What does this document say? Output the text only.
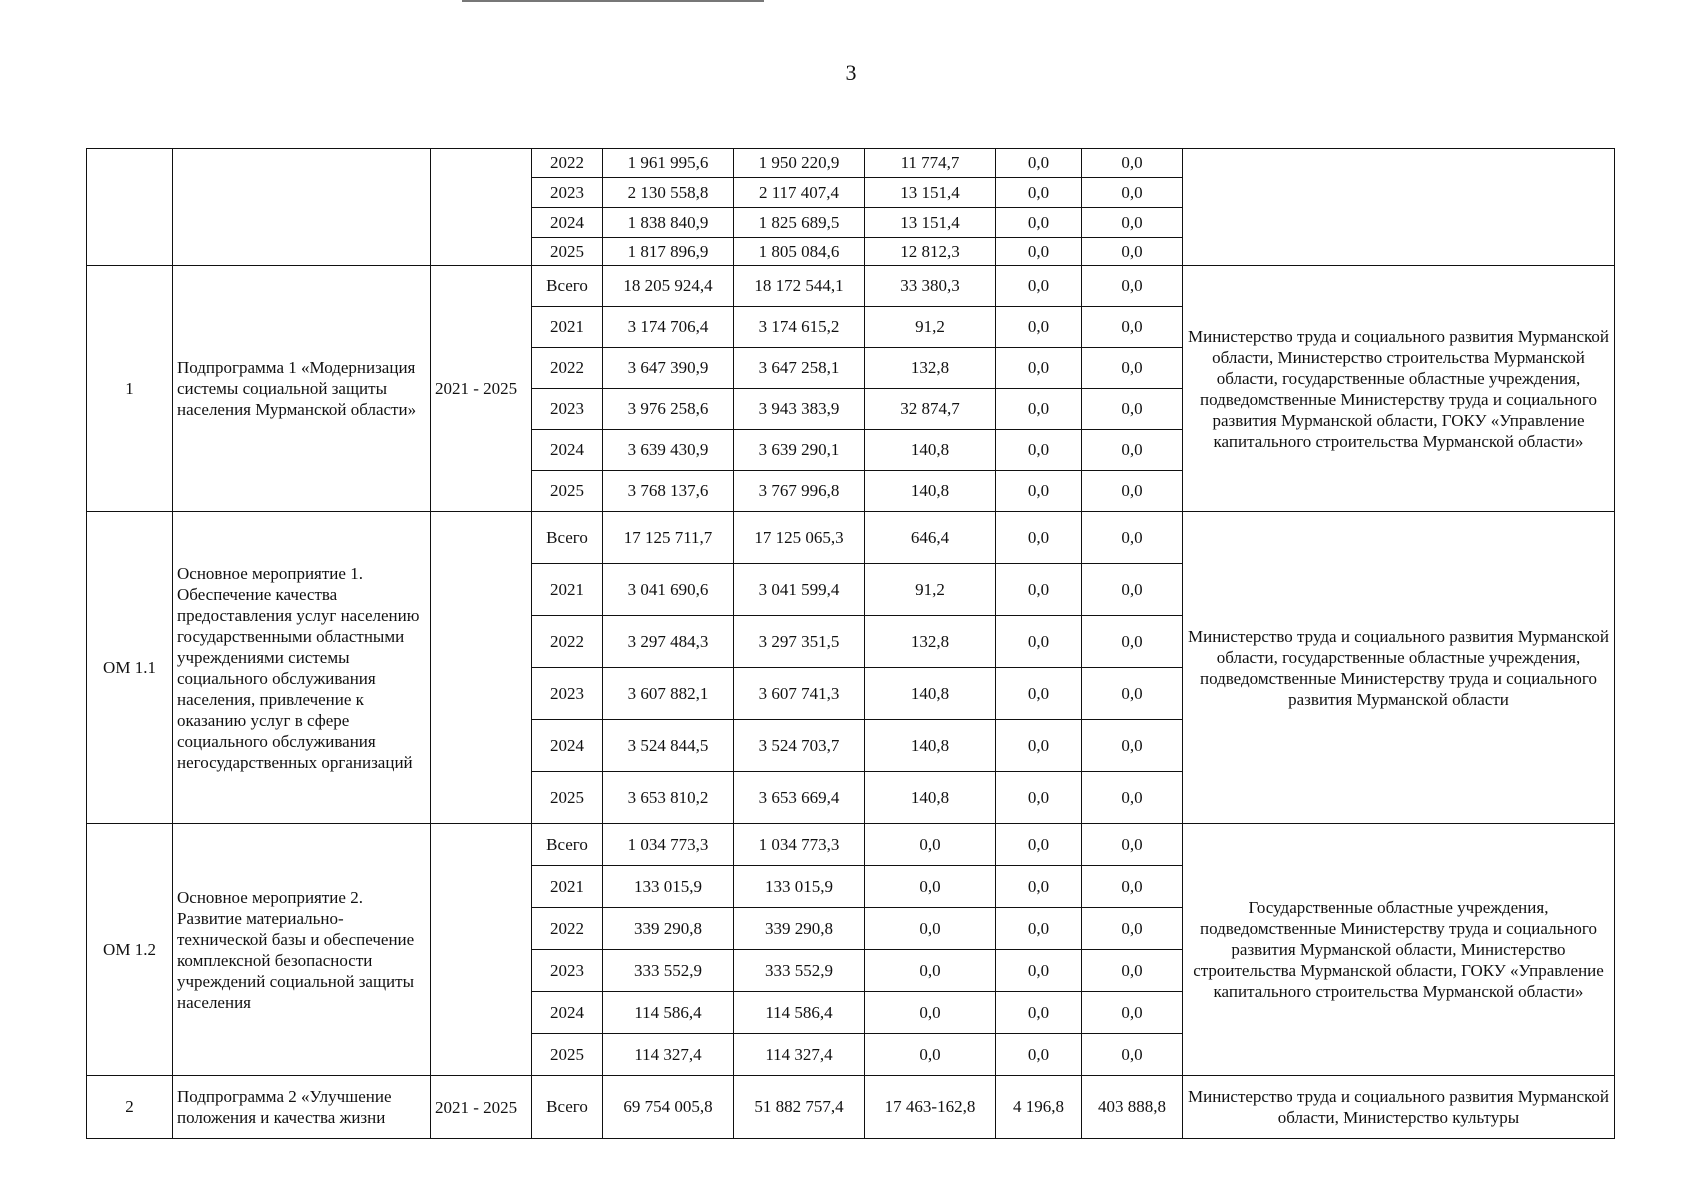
3
			2022	1 961 995,6	1 950 220,9	11 774,7	0,0	0,0	
			2023	2 130 558,8	2 117 407,4	13 151,4	0,0	0,0	
			2024	1 838 840,9	1 825 689,5	13 151,4	0,0	0,0	
			2025	1 817 896,9	1 805 084,6	12 812,3	0,0	0,0	
1	Подпрограмма 1 «Модернизация системы социальной защиты населения Мурманской области»	2021 - 2025	Всего	18 205 924,4	18 172 544,1	33 380,3	0,0	0,0	Министерство труда и социального развития Мурманской области, Министерство строительства Мурманской области, государственные областные учреждения, подведомственные Министерству труда и социального развития Мурманской области, ГОКУ «Управление капитального строительства Мурманской области»
			2021	3 174 706,4	3 174 615,2	91,2	0,0	0,0	
			2022	3 647 390,9	3 647 258,1	132,8	0,0	0,0	
			2023	3 976 258,6	3 943 383,9	32 874,7	0,0	0,0	
			2024	3 639 430,9	3 639 290,1	140,8	0,0	0,0	
			2025	3 768 137,6	3 767 996,8	140,8	0,0	0,0	
ОМ 1.1	Основное мероприятие 1. Обеспечение качества предоставления услуг населению государственными областными учреждениями системы социального обслуживания населения, привлечение к оказанию услуг в сфере социального обслуживания негосударственных организаций		Всего	17 125 711,7	17 125 065,3	646,4	0,0	0,0	Министерство труда и социального развития Мурманской области, государственные областные учреждения, подведомственные Министерству труда и социального развития Мурманской области
			2021	3 041 690,6	3 041 599,4	91,2	0,0	0,0	
			2022	3 297 484,3	3 297 351,5	132,8	0,0	0,0	
			2023	3 607 882,1	3 607 741,3	140,8	0,0	0,0	
			2024	3 524 844,5	3 524 703,7	140,8	0,0	0,0	
			2025	3 653 810,2	3 653 669,4	140,8	0,0	0,0	
ОМ 1.2	Основное мероприятие 2. Развитие материально-технической базы и обеспечение комплексной безопасности учреждений социальной защиты населения		Всего	1 034 773,3	1 034 773,3	0,0	0,0	0,0	Государственные областные учреждения, подведомственные Министерству труда и социального развития Мурманской области, Министерство строительства Мурманской области, ГОКУ «Управление капитального строительства Мурманской области»
			2021	133 015,9	133 015,9	0,0	0,0	0,0	
			2022	339 290,8	339 290,8	0,0	0,0	0,0	
			2023	333 552,9	333 552,9	0,0	0,0	0,0	
			2024	114 586,4	114 586,4	0,0	0,0	0,0	
			2025	114 327,4	114 327,4	0,0	0,0	0,0	
2	Подпрограмма 2 «Улучшение положения и качества жизни	2021 - 2025	Всего	69 754 005,8	51 882 757,4	17 463-162,8	4 196,8	403 888,8	Министерство труда и социального развития Мурманской области, Министерство культуры
